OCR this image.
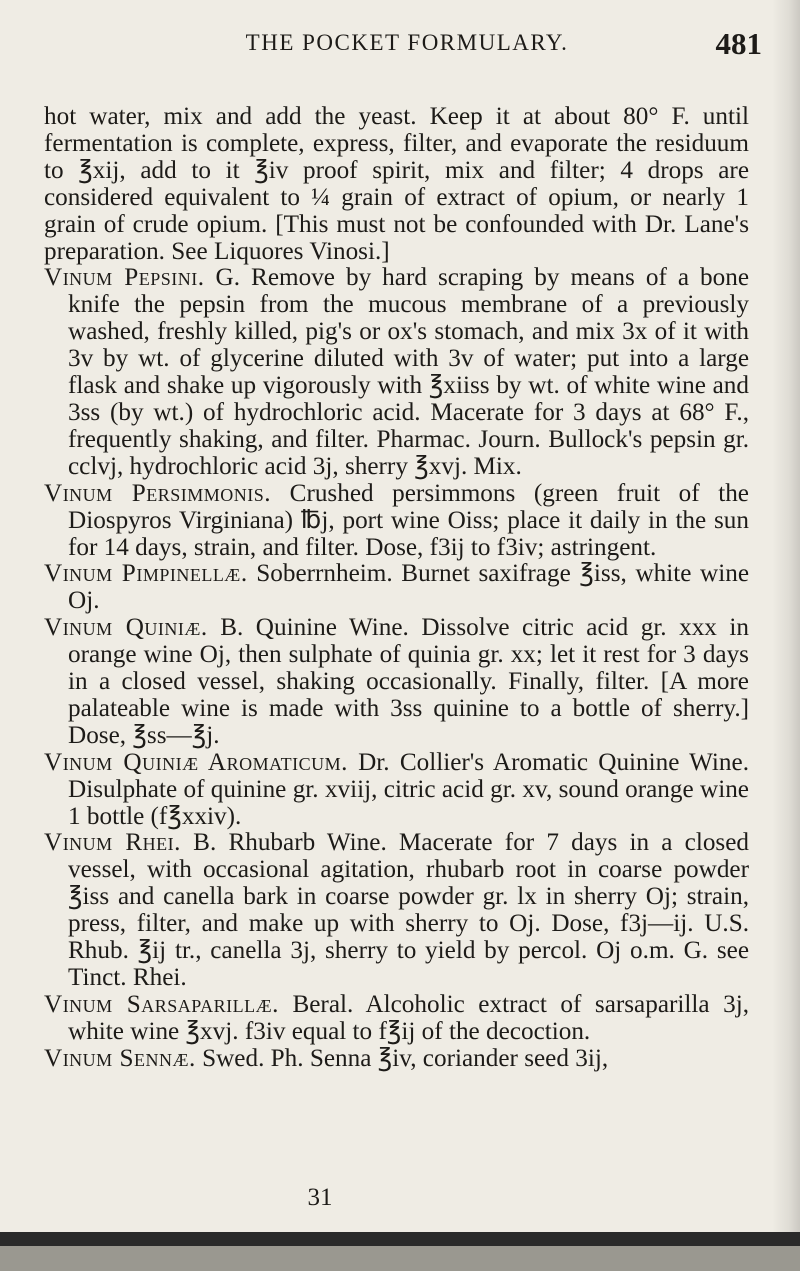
THE POCKET FORMULARY.	481

hot water, mix and add the yeast. Keep it at about 80° F. until fermentation is complete, express, filter, and evaporate the residuum to ℥xij, add to it ℥iv proof spirit, mix and filter; 4 drops are considered equivalent to ¼ grain of extract of opium, or nearly 1 grain of crude opium. [This must not be confounded with Dr. Lane's preparation. See Liquores Vinosi.]

Vinum Pepsini. G. Remove by hard scraping by means of a bone knife the pepsin from the mucous membrane of a previously washed, freshly killed, pig's or ox's stomach, and mix 3x of it with 3v by wt. of glycerine diluted with 3v of water; put into a large flask and shake up vigorously with ℥xiiss by wt. of white wine and 3ss (by wt.) of hydrochloric acid. Macerate for 3 days at 68° F., frequently shaking, and filter. Pharmac. Journ. Bullock's pepsin gr. cclvj, hydrochloric acid 3j, sherry ℥xvj. Mix.

Vinum Persimmonis. Crushed persimmons (green fruit of the Diospyros Virginiana) ℔j, port wine Oiss; place it daily in the sun for 14 days, strain, and filter. Dose, f3ij to f3iv; astringent.

Vinum Pimpinellæ. Soberrnheim. Burnet saxifrage ℥iss, white wine Oj.

Vinum Quiniæ. B. Quinine Wine. Dissolve citric acid gr. xxx in orange wine Oj, then sulphate of quinia gr. xx; let it rest for 3 days in a closed vessel, shaking occasionally. Finally, filter. [A more palateable wine is made with 3ss quinine to a bottle of sherry.] Dose, ℥ss—℥j.

Vinum Quiniæ Aromaticum. Dr. Collier's Aromatic Quinine Wine. Disulphate of quinine gr. xviij, citric acid gr. xv, sound orange wine 1 bottle (f℥xxiv).

Vinum Rhei. B. Rhubarb Wine. Macerate for 7 days in a closed vessel, with occasional agitation, rhubarb root in coarse powder ℥iss and canella bark in coarse powder gr. lx in sherry Oj; strain, press, filter, and make up with sherry to Oj. Dose, f3j—ij. U.S. Rhub. ℥ij tr., canella 3j, sherry to yield by percol. Oj o.m. G. see Tinct. Rhei.

Vinum Sarsaparillæ. Beral. Alcoholic extract of sarsaparilla 3j, white wine ℥xvj. f3iv equal to f℥ij of the decoction.

Vinum Sennæ. Swed. Ph. Senna ℥iv, coriander seed 3ij,

31
